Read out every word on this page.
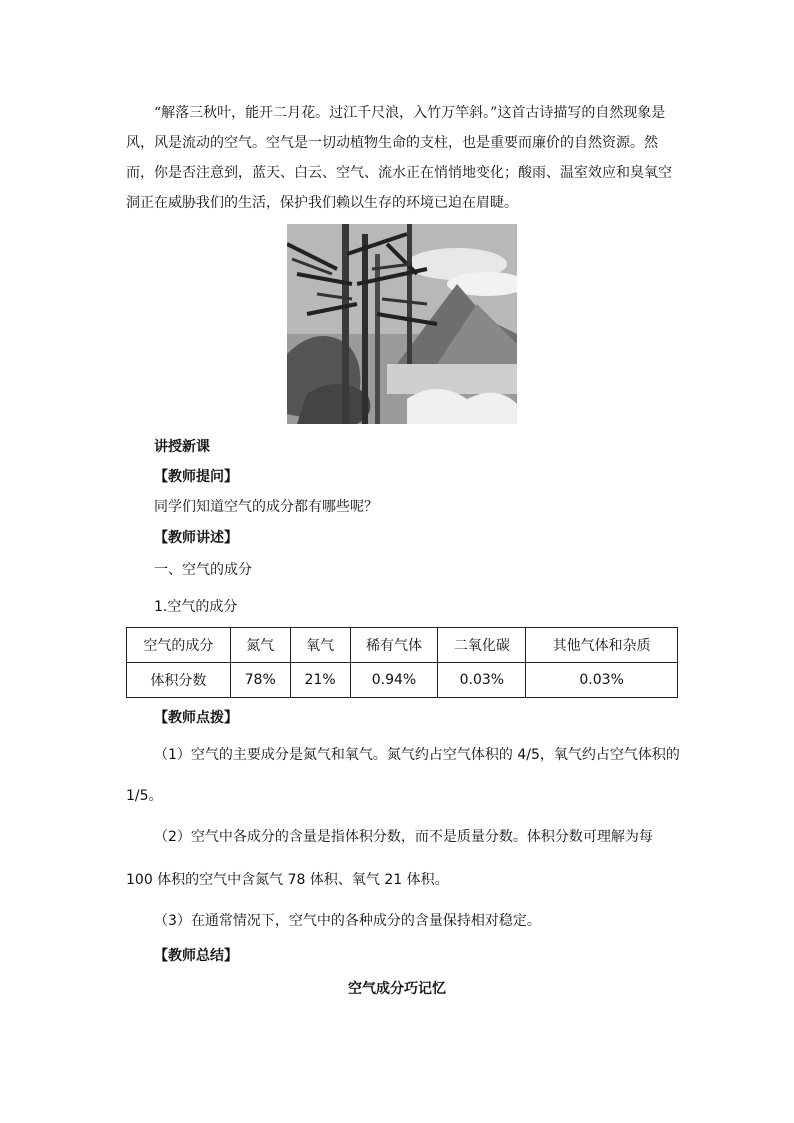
“解落三秋叶，能开二月花。过江千尺浪，入竹万竿斜。”这首古诗描写的自然现象是风，风是流动的空气。空气是一切动植物生命的支柱，也是重要而廉价的自然资源。然而，你是否注意到，蓝天、白云、空气、流水正在悄悄地变化；酸雨、温室效应和臭氧空洞正在威胁我们的生活，保护我们赖以生存的环境已迫在眉睫。

讲授新课
【教师提问】
同学们知道空气的成分都有哪些呢？
【教师讲述】
一、空气的成分
1.空气的成分
空气的成分	氮气	氧气	稀有气体	二氧化碳	其他气体和杂质
体积分数	78%	21%	0.94%	0.03%	0.03%
【教师点拨】
（1）空气的主要成分是氮气和氧气。氮气约占空气体积的 4/5，氧气约占空气体积的
1/5。
（2）空气中各成分的含量是指体积分数，而不是质量分数。体积分数可理解为每
100 体积的空气中含氮气 78 体积、氧气 21 体积。
（3）在通常情况下，空气中的各种成分的含量保持相对稳定。
【教师总结】
空气成分巧记忆
